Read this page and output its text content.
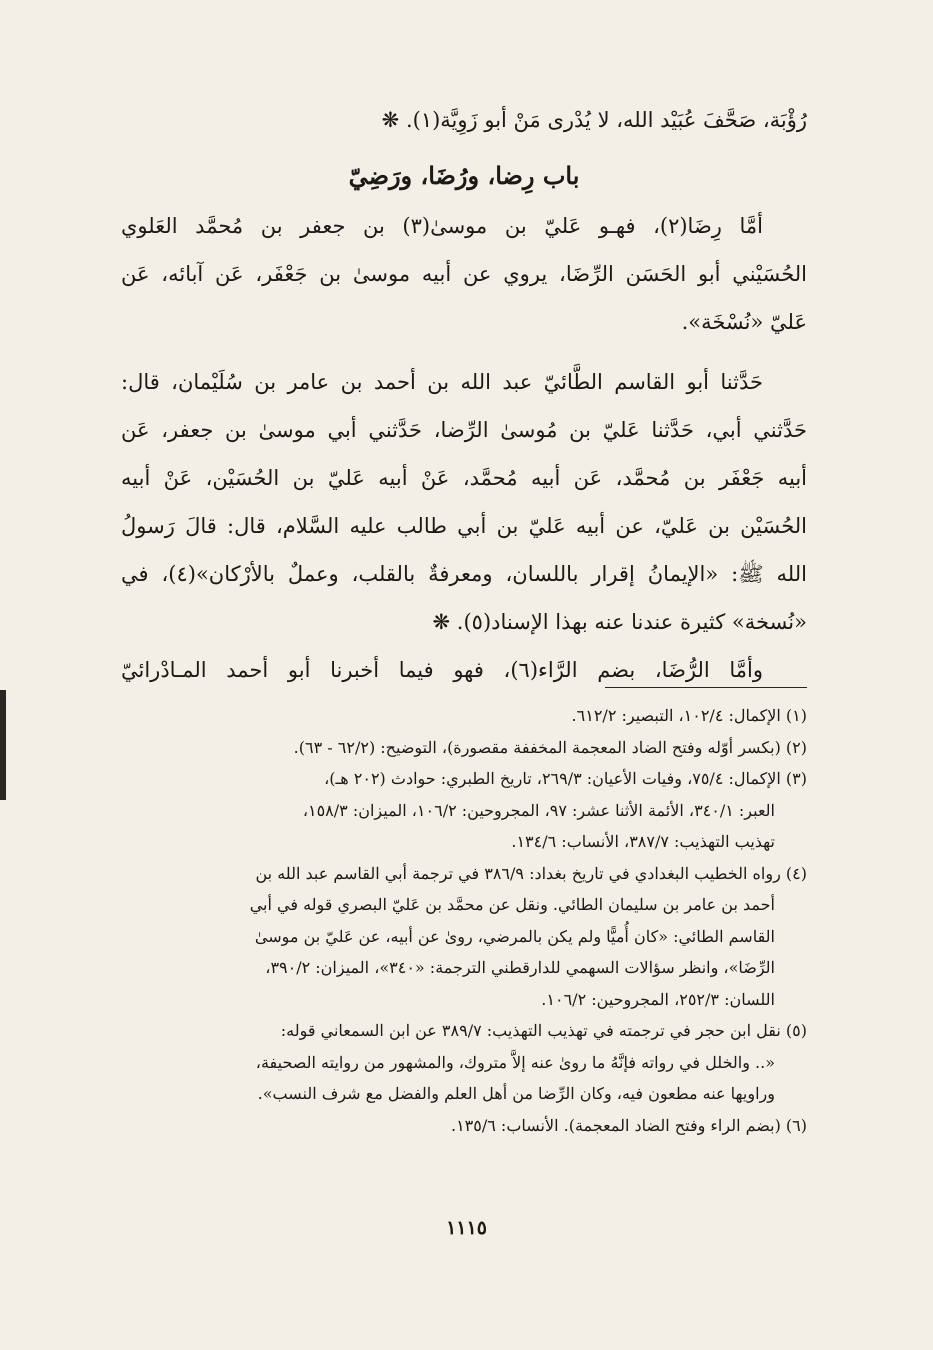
رُؤْبَة، صَحَّفَ عُبَيْد الله، لا يُدْرى مَنْ أبو زَوِيَّة(١). ❋
باب رِضا، ورُضَا، ورَضِيّ
أمَّا رِضَا(٢)، فهـو عَليّ بن موسىٰ(٣) بن جعفر بن مُحمَّد العَلوي
الحُسَيْني أبو الحَسَن الرِّضَا، يروي عن أبيه موسىٰ بن جَعْفَر، عَن آبائه، عَن
عَليّ «نُسْخَة».
حَدَّثنا أبو القاسم الطَّائيّ عبد الله بن أحمد بن عامر بن سُلَيْمان، قال:
حَدَّثني أبي، حَدَّثنا عَليّ بن مُوسىٰ الرِّضا، حَدَّثني أبي موسىٰ بن جعفر، عَن
أبيه جَعْفَر بن مُحمَّد، عَن أبيه مُحمَّد، عَنْ أبيه عَليّ بن الحُسَيْن، عَنْ أبيه
الحُسَيْن بن عَليّ، عن أبيه عَليّ بن أبي طالب عليه السَّلام، قال: قالَ رَسولُ
الله ﷺ: «الإيمانُ إقرار باللسان، ومعرفةٌ بالقلب، وعملٌ بالأرْكان»(٤)، في
«نُسخة» كثيرة عندنا عنه بهذا الإسناد(٥). ❋
وأمَّا الرُّضَا، بضم الرَّاء(٦)، فهو فيما أخبرنا أبو أحمد المـادْرائيّ
(١) الإكمال: ١٠٢/٤، التبصير: ٦١٢/٢.
(٢) (بكسر أوّله وفتح الضاد المعجمة المخففة مقصورة)، التوضيح: (٦٢/٢ - ٦٣).
(٣) الإكمال: ٧٥/٤، وفيات الأعيان: ٢٦٩/٣، تاريخ الطبري: حوادث (٢٠٢ هـ)،
العبر: ٣٤٠/١، الأئمة الأثنا عشر: ٩٧، المجروحين: ١٠٦/٢، الميزان: ١٥٨/٣،
تهذيب التهذيب: ٣٨٧/٧، الأنساب: ١٣٤/٦.
(٤) رواه الخطيب البغدادي في تاريخ بغداد: ٣٨٦/٩ في ترجمة أبي القاسم عبد الله بن
أحمد بن عامر بن سليمان الطائي. ونقل عن محمَّد بن عَليّ البصري قوله في أبي
القاسم الطائي: «كان أُميًّا ولم يكن بالمرضي، روىٰ عن أبيه، عن عَليّ بن موسىٰ
الرِّضَا»، وانظر سؤالات السهمي للدارقطني الترجمة: «٣٤٠»، الميزان: ٣٩٠/٢،
اللسان: ٢٥٢/٣، المجروحين: ١٠٦/٢.
(٥) نقل ابن حجر في ترجمته في تهذيب التهذيب: ٣٨٩/٧ عن ابن السمعاني قوله:
«.. والخلل في رواته فإنَّهُ ما روىٰ عنه إلاَّ متروك، والمشهور من روايته الصحيفة،
وراويها عنه مطعون فيه، وكان الرِّضا من أهل العلم والفضل مع شرف النسب».
(٦) (بضم الراء وفتح الضاد المعجمة). الأنساب: ١٣٥/٦.
١١١٥
